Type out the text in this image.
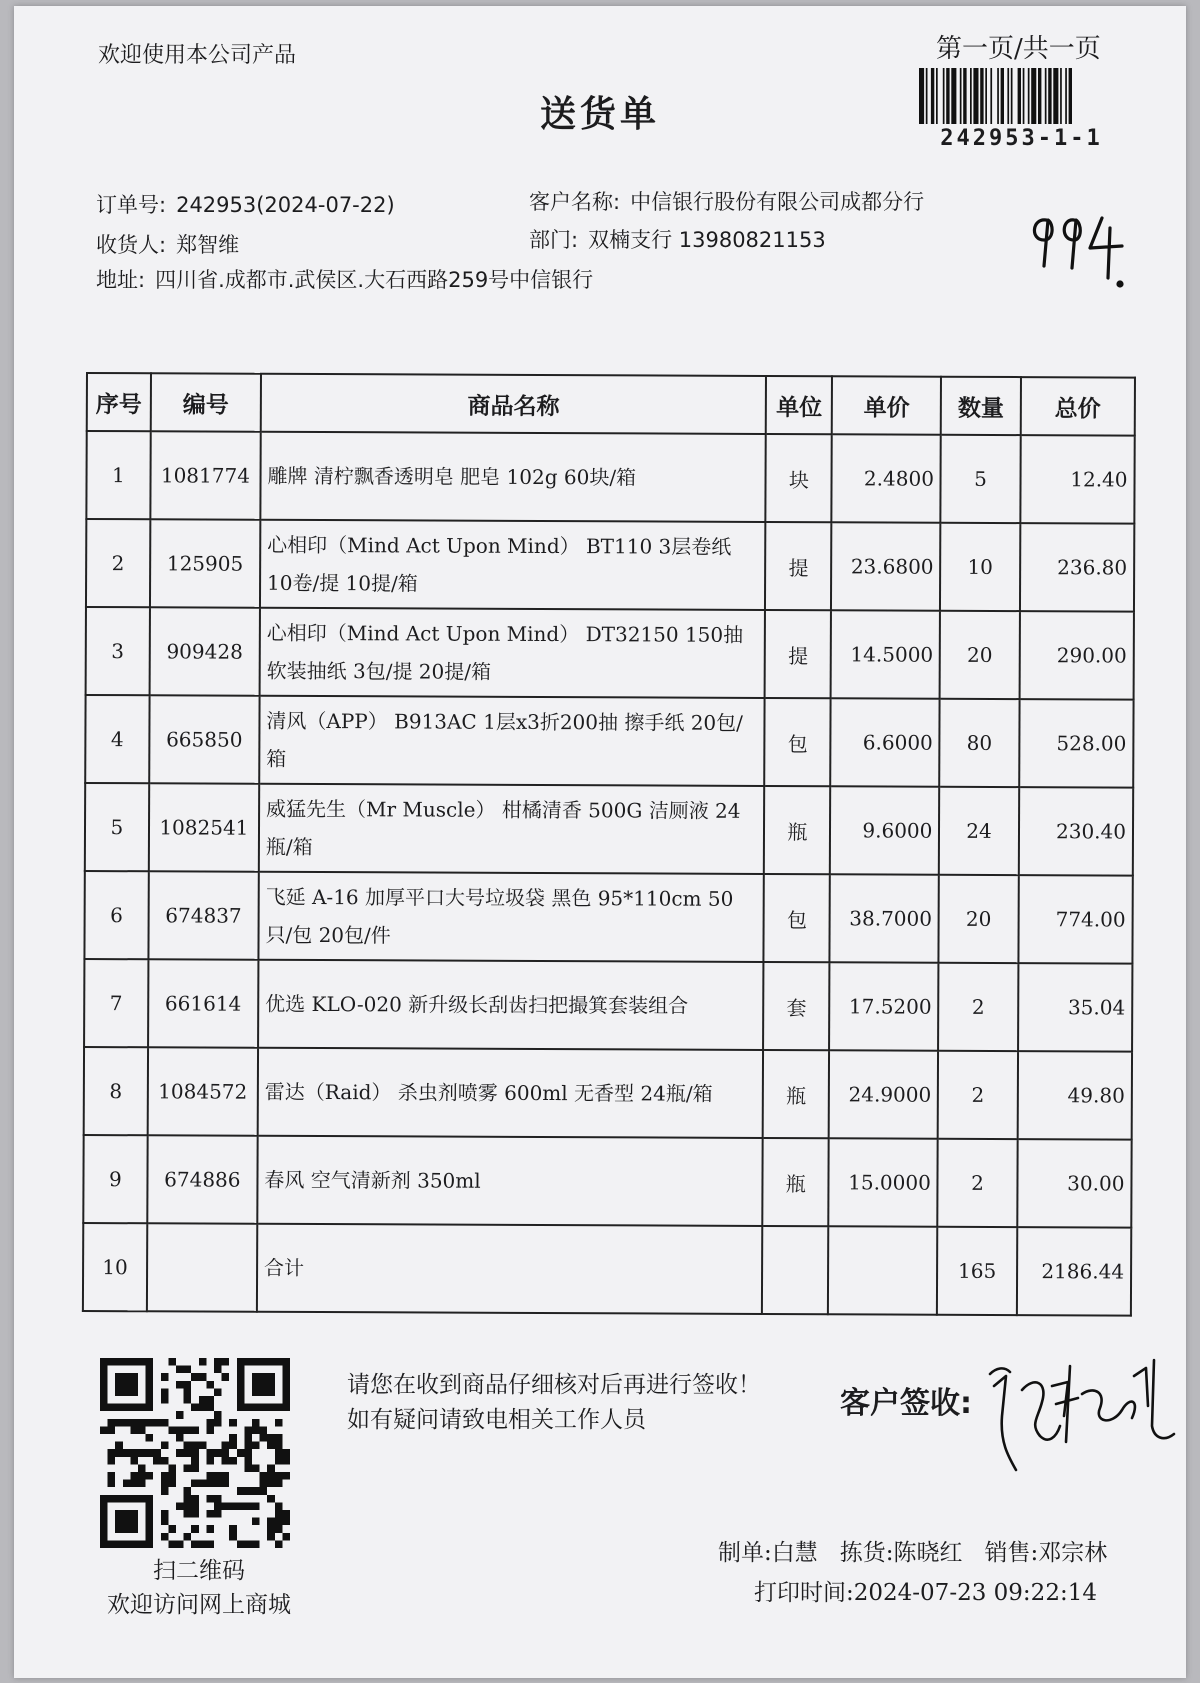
欢迎使用本公司产品
送货单
第一页/共一页
242953-1-1
订单号: 242953(2024-07-22)
收货人: 郑智维
地址: 四川省.成都市.武侯区.大石西路259号中信银行
客户名称: 中信银行股份有限公司成都分行
部门: 双楠支行 13980821153
序号	编号	商品名称	单位	单价	数量	总价
1	1081774	雕牌 清柠飘香透明皂 肥皂 102g 60块/箱	块	2.4800	5	12.40
2	125905	心相印（Mind Act Upon Mind） BT110 3层卷纸 10卷/提 10提/箱	提	23.6800	10	236.80
3	909428	心相印（Mind Act Upon Mind） DT32150 150抽 软装抽纸 3包/提 20提/箱	提	14.5000	20	290.00
4	665850	清风（APP） B913AC 1层x3折200抽 擦手纸 20包/箱	包	6.6000	80	528.00
5	1082541	威猛先生（Mr Muscle） 柑橘清香 500G 洁厕液 24瓶/箱	瓶	9.6000	24	230.40
6	674837	飞延 A-16 加厚平口大号垃圾袋 黑色 95*110cm 50只/包 20包/件	包	38.7000	20	774.00
7	661614	优选 KLO-020 新升级长刮齿扫把撮箕套装组合	套	17.5200	2	35.04
8	1084572	雷达（Raid） 杀虫剂喷雾 600ml 无香型 24瓶/箱	瓶	24.9000	2	49.80
9	674886	春风 空气清新剂 350ml	瓶	15.0000	2	30.00
10		合计			165	2186.44
扫二维码
欢迎访问网上商城
请您在收到商品仔细核对后再进行签收！如有疑问请致电相关工作人员	客户签收:
制单:白慧 拣货:陈晓红 销售:邓宗林
打印时间:2024-07-23 09:22:14
